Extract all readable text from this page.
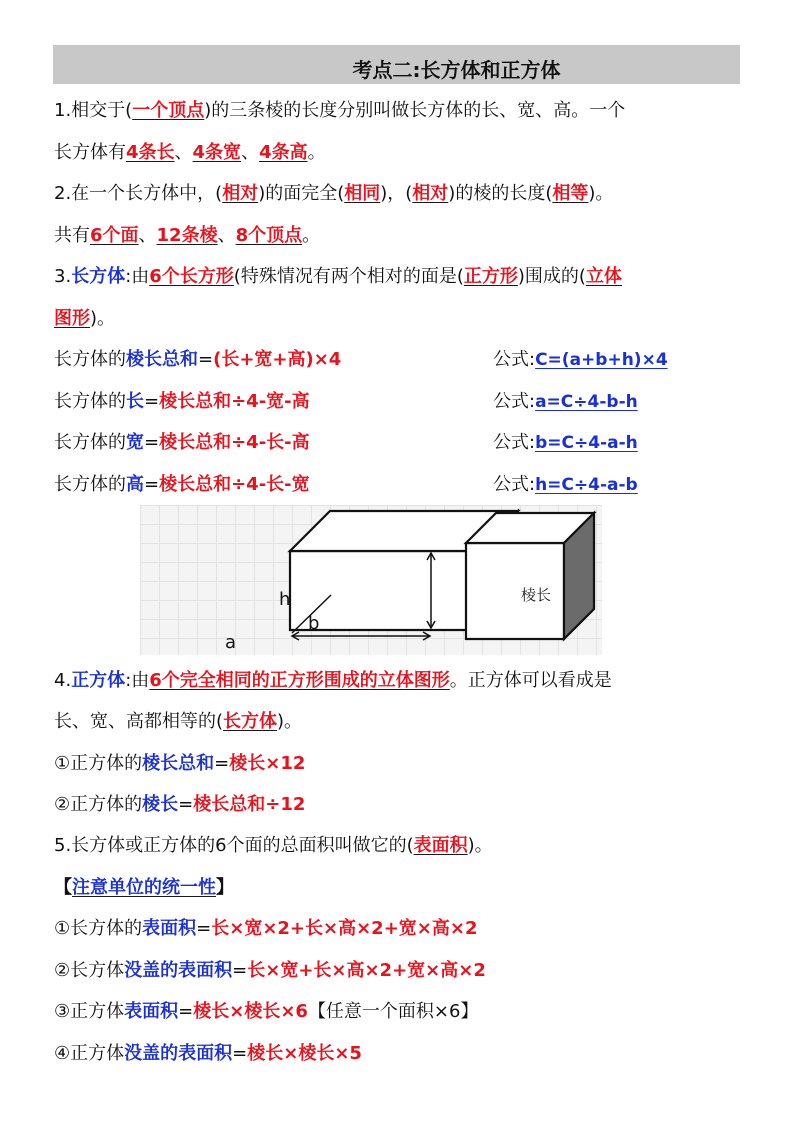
考点二:长方体和正方体
1.相交于(一个顶点)的三条棱的长度分别叫做长方体的长、宽、高。一个
长方体有4条长、4条宽、4条高。
2.在一个长方体中，(相对)的面完全(相同)，(相对)的棱的长度(相等)。
共有6个面、12条棱、8个顶点。
3.长方体:由6个长方形(特殊情况有两个相对的面是(正方形)围成的(立体
图形)。
长方体的棱长总和=(长+宽+高)×4	公式:C=(a+b+h)×4
长方体的长=棱长总和÷4-宽-高	公式:a=C÷4-b-h
长方体的宽=棱长总和÷4-长-高	公式:b=C÷4-a-h
长方体的高=棱长总和÷4-长-宽	公式:h=C÷4-a-b
h
a
b
棱长
4.正方体:由6个完全相同的正方形围成的立体图形。正方体可以看成是
长、宽、高都相等的(长方体)。
①正方体的棱长总和=棱长×12
②正方体的棱长=棱长总和÷12
5.长方体或正方体的6个面的总面积叫做它的(表面积)。
【注意单位的统一性】
①长方体的表面积=长×宽×2+长×高×2+宽×高×2
②长方体没盖的表面积=长×宽+长×高×2+宽×高×2
③正方体表面积=棱长×棱长×6【任意一个面积×6】
④正方体没盖的表面积=棱长×棱长×5
